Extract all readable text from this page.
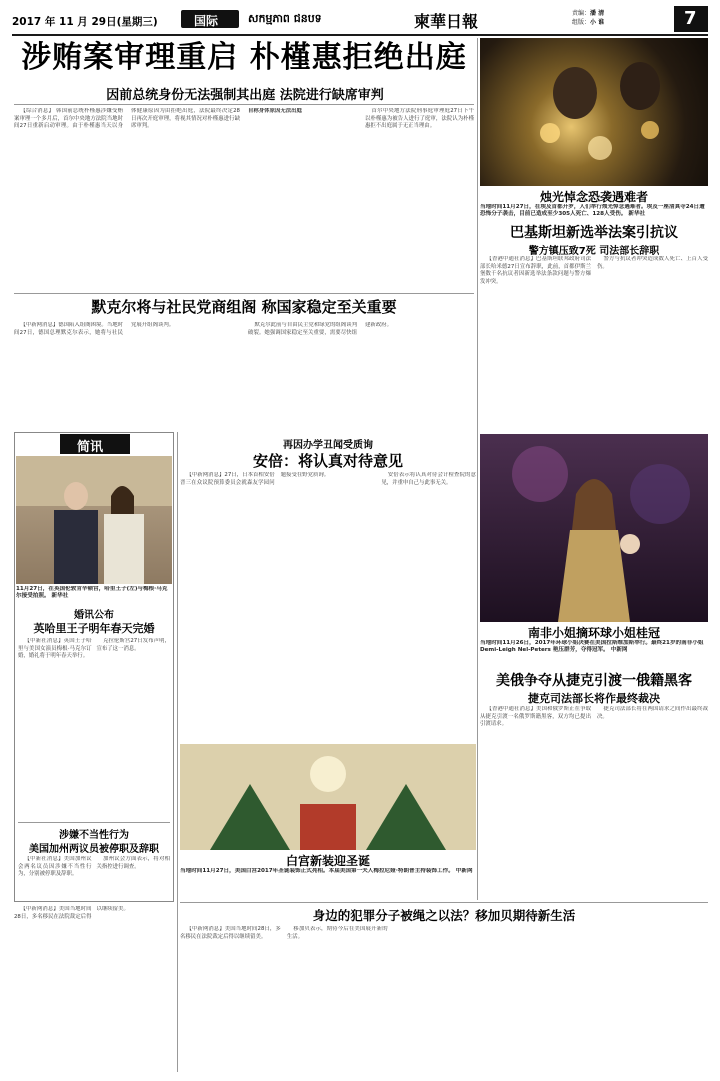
2017 年 11 月 29日(星期三)	国际	សកម្មភាព ជនបទ	柬華日報	责编：潘 清
组版：小 谁	7
涉贿案审理重启 朴槿惠拒绝出庭
因前总统身份无法强制其出庭 法院进行缺席审判

【综合消息】 韩国前总统朴槿惠涉嫌受贿案审理一个多月后，首尔中央地方法院当地时间27日重新启动审理。由于朴槿惠当天以身体健康原因为由拒绝出庭，法院最终决定28日再次开庭审理，将视其情况对朴槿惠进行缺席审判。

自称身体原因无法出庭	首尔中央地方法院刑事庭审理庭27日下午以朴槿惠为被告人进行了庭审，法院认为朴槿惠拒不出庭属于无正当理由。

烛光悼念恐袭遇难者
当地时间11月27日，在埃及首都开罗，人们举行烛光悼念遇难者。埃及一座清真寺24日遭恐怖分子袭击，目前已造成至少305人死亡、128人受伤。 新华社
巴基斯坦新选举法案引抗议
警方镇压致7死 司法部长辞职

【香港中通社消息】巴基斯坦联邦政府司法部长哈米德27日宣布辞职，此前，首都伊斯兰堡数千名抗议者因新选举法条款问题与警方爆发冲突。

警方与抗议者冲突造成数人死亡、上百人受伤。

默克尔将与社民党商组阁 称国家稳定至关重要

【中新网消息】德国陷入组阁困境。当地时间27日，德国总理默克尔表示，她将与社民党展开组阁谈判。	默克尔此前与自由民主党和绿党的组阁谈判破裂。她强调国家稳定至关重要，需要尽快组建新政府。

简讯
11月27日，在英国伦敦肯辛顿宫，哈里王子(左)与梅根·马克尔接受拍照。 新华社
婚讯公布
英哈里王子明年春天完婚

【中新社消息】英国王子哈里与美国女演员梅根·马克尔订婚，婚礼将于明年春天举行。

克拉伦斯宫27日发布声明，宣布了这一消息。

涉嫌不当性行为
美国加州两议员被停职及辞职

【中新社消息】美国加州议会两名议员因涉嫌不当性行为，分别被停职及辞职。

加州议会方面表示，将对相关指控进行调查。

再因办学丑闻受质询
安倍：将认真对待意见

【中新网消息】27日，日本首相安倍晋三在众议院预算委员会就森友学园问题接受在野党质询。	安倍表示将认真对待会计检查院的意见，并重申自己与此事无关。

白宫新装迎圣诞
当地时间11月27日，美国白宫2017年圣诞装饰正式亮相。本届美国第一夫人梅拉尼娅·特朗普主持装饰工作。 中新网
南非小姐摘环球小姐桂冠
当地时间11月26日，2017年环球小姐决赛在美国拉斯维加斯举行。最终21岁的南非小姐 Demi-Leigh Nel-Peters 艳压群芳，夺得冠军。 中新网
美俄争夺从捷克引渡一俄籍黑客
捷克司法部长将作最终裁决

【香港中通社消息】美国和俄罗斯正在争取从捷克引渡一名俄罗斯籍黑客，双方均已提出引渡请求。

捷克司法部长将在两国请求之间作出最终裁决。

身边的犯罪分子被绳之以法？移加贝期待新生活

【中新网消息】美国当地时间28日，多名移民在法院裁定后得以继续留美。

【中新网消息】美国当地时间28日，多名移民在法院裁定后得以继续留美。

移加贝表示，期待今后在美国展开新的生活。
